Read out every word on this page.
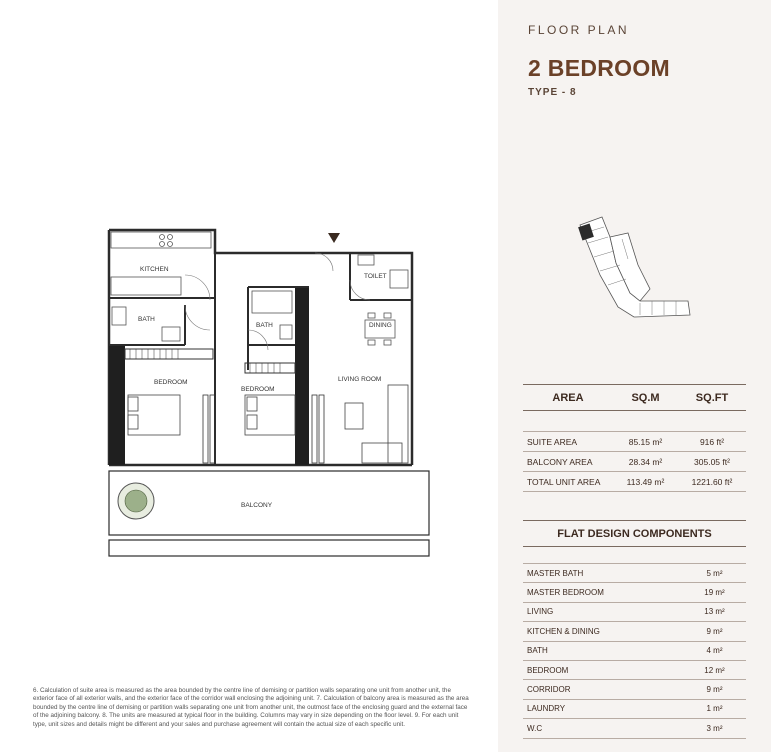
KITCHEN
BATH
BATH
TOILET
DINING
LIVING ROOM
BEDROOM
BEDROOM
BALCONY
6. Calculation of suite area is measured as the area bounded by the centre line of demising or partition walls separating one unit from another unit, the exterior face of all exterior walls, and the exterior face of the corridor wall enclosing the adjoining unit. 7. Calculation of balcony area is measured as the area bounded by the centre line of demising or partition walls separating one unit from another unit, the outmost face of the enclosing guard and the external face of the adjoining balcony. 8. The units are measured at typical floor in the building. Columns may vary in size depending on the floor level. 9. For each unit type, unit sizes and details might be different and your sales and purchase agreement will contain the actual size of each specific unit.
FLOOR PLAN
2 BEDROOM
TYPE - 8
AREA	SQ.M	SQ.FT
SUITE AREA	85.15 m²	916 ft²
BALCONY AREA	28.34 m²	305.05 ft²
TOTAL UNIT AREA	113.49 m²	1221.60 ft²
FLAT DESIGN COMPONENTS
MASTER BATH	5 m²
MASTER BEDROOM	19 m²
LIVING	13 m²
KITCHEN & DINING	9 m²
BATH	4 m²
BEDROOM	12 m²
CORRIDOR	9 m²
LAUNDRY	1 m²
W.C	3 m²
